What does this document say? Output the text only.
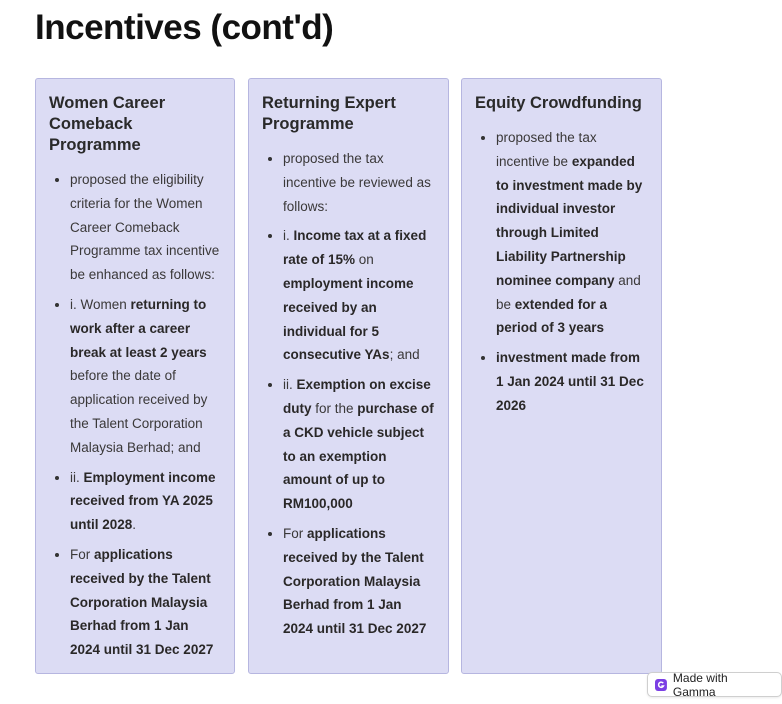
Incentives (cont'd)
Women Career Comeback Programme
• proposed the eligibility criteria for the Women Career Comeback Programme tax incentive be enhanced as follows:
• i. Women returning to work after a career break at least 2 years before the date of application received by the Talent Corporation Malaysia Berhad; and
• ii. Employment income received from YA 2025 until 2028.
• For applications received by the Talent Corporation Malaysia Berhad from 1 Jan 2024 until 31 Dec 2027
Returning Expert Programme
• proposed the tax incentive be reviewed as follows:
• i. Income tax at a fixed rate of 15% on employment income received by an individual for 5 consecutive YAs; and
• ii. Exemption on excise duty for the purchase of a CKD vehicle subject to an exemption amount of up to RM100,000
• For applications received by the Talent Corporation Malaysia Berhad from 1 Jan 2024 until 31 Dec 2027
Equity Crowdfunding
• proposed the tax incentive be expanded to investment made by individual investor through Limited Liability Partnership nominee company and be extended for a period of 3 years
• investment made from 1 Jan 2024 until 31 Dec 2026
Made with Gamma
